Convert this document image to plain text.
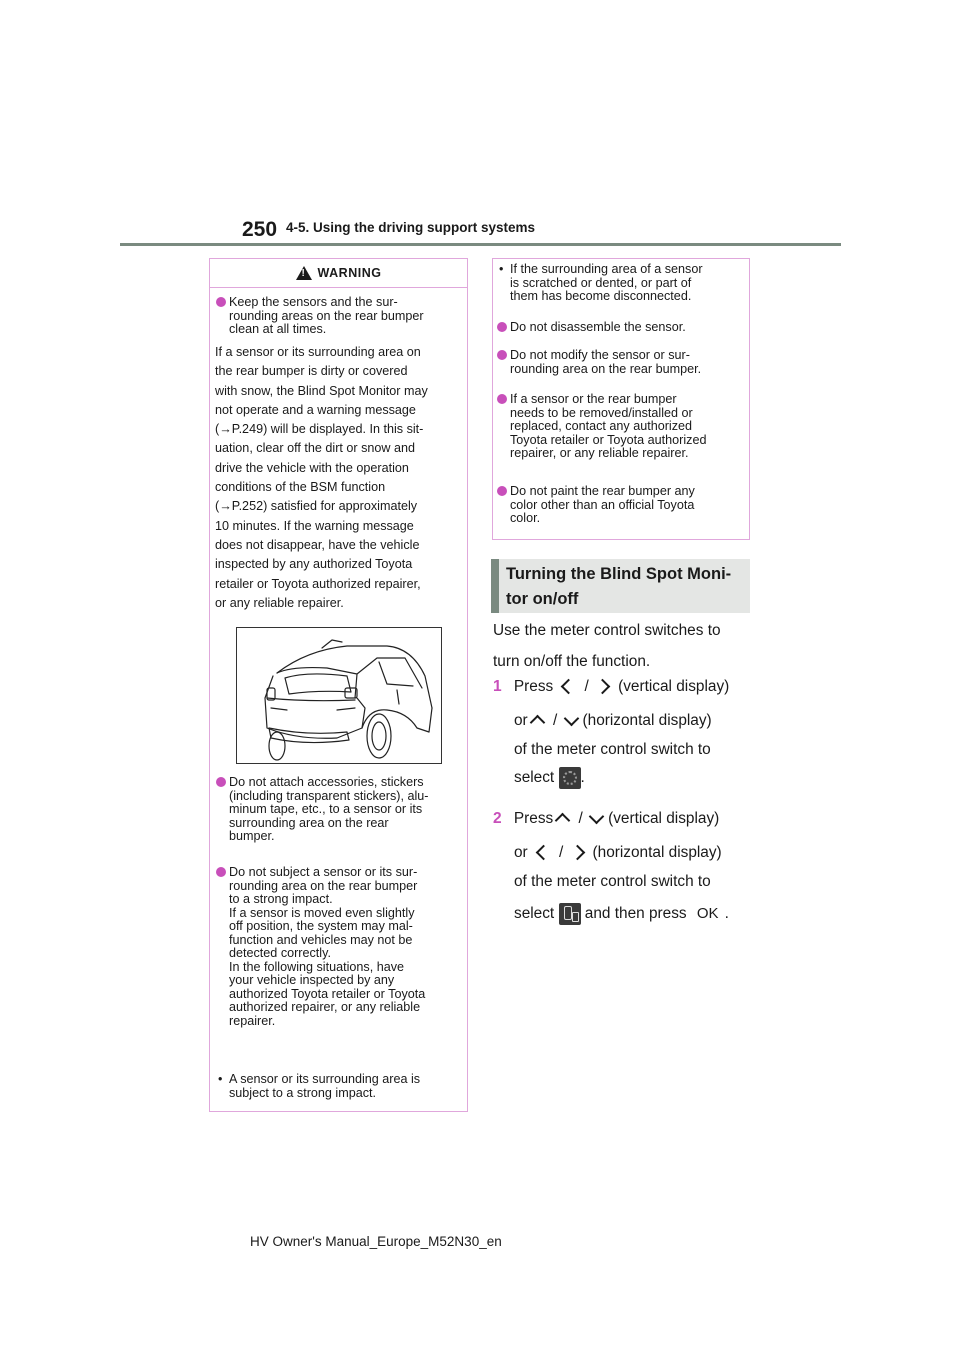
250 4-5. Using the driving support systems
!
WARNING
Keep the sensors and the sur-
rounding areas on the rear bumper
clean at all times.
If a sensor or its surrounding area on
the rear bumper is dirty or covered
with snow, the Blind Spot Monitor may
not operate and a warning message
(→P.249) will be displayed. In this sit-
uation, clear off the dirt or snow and
drive the vehicle with the operation
conditions of the BSM function
(→P.252) satisfied for approximately
10 minutes. If the warning message
does not disappear, have the vehicle
inspected by any authorized Toyota
retailer or Toyota authorized repairer,
or any reliable repairer.
Do not attach accessories, stickers
(including transparent stickers), alu-
minum tape, etc., to a sensor or its
surrounding area on the rear
bumper.
Do not subject a sensor or its sur-
rounding area on the rear bumper
to a strong impact.
If a sensor is moved even slightly
off position, the system may mal-
function and vehicles may not be
detected correctly.
In the following situations, have
your vehicle inspected by any
authorized Toyota retailer or Toyota
authorized repairer, or any reliable
repairer.
• A sensor or its surrounding area is
subject to a strong impact.
• If the surrounding area of a sensor
is scratched or dented, or part of
them has become disconnected.
Do not disassemble the sensor.
Do not modify the sensor or sur-
rounding area on the rear bumper.
If a sensor or the rear bumper
needs to be removed/installed or
replaced, contact any authorized
Toyota retailer or Toyota authorized
repairer, or any reliable repairer.
Do not paint the rear bumper any
color other than an official Toyota
color.
Turning the Blind Spot Moni-
tor on/off
Use the meter control switches to
turn on/off the function.
1 Press / (vertical display)
or / (horizontal display)
of the meter control switch to
select .
2 Press / (vertical display)
or / (horizontal display)
of the meter control switch to
select and then press OK .
HV Owner's Manual_Europe_M52N30_en
